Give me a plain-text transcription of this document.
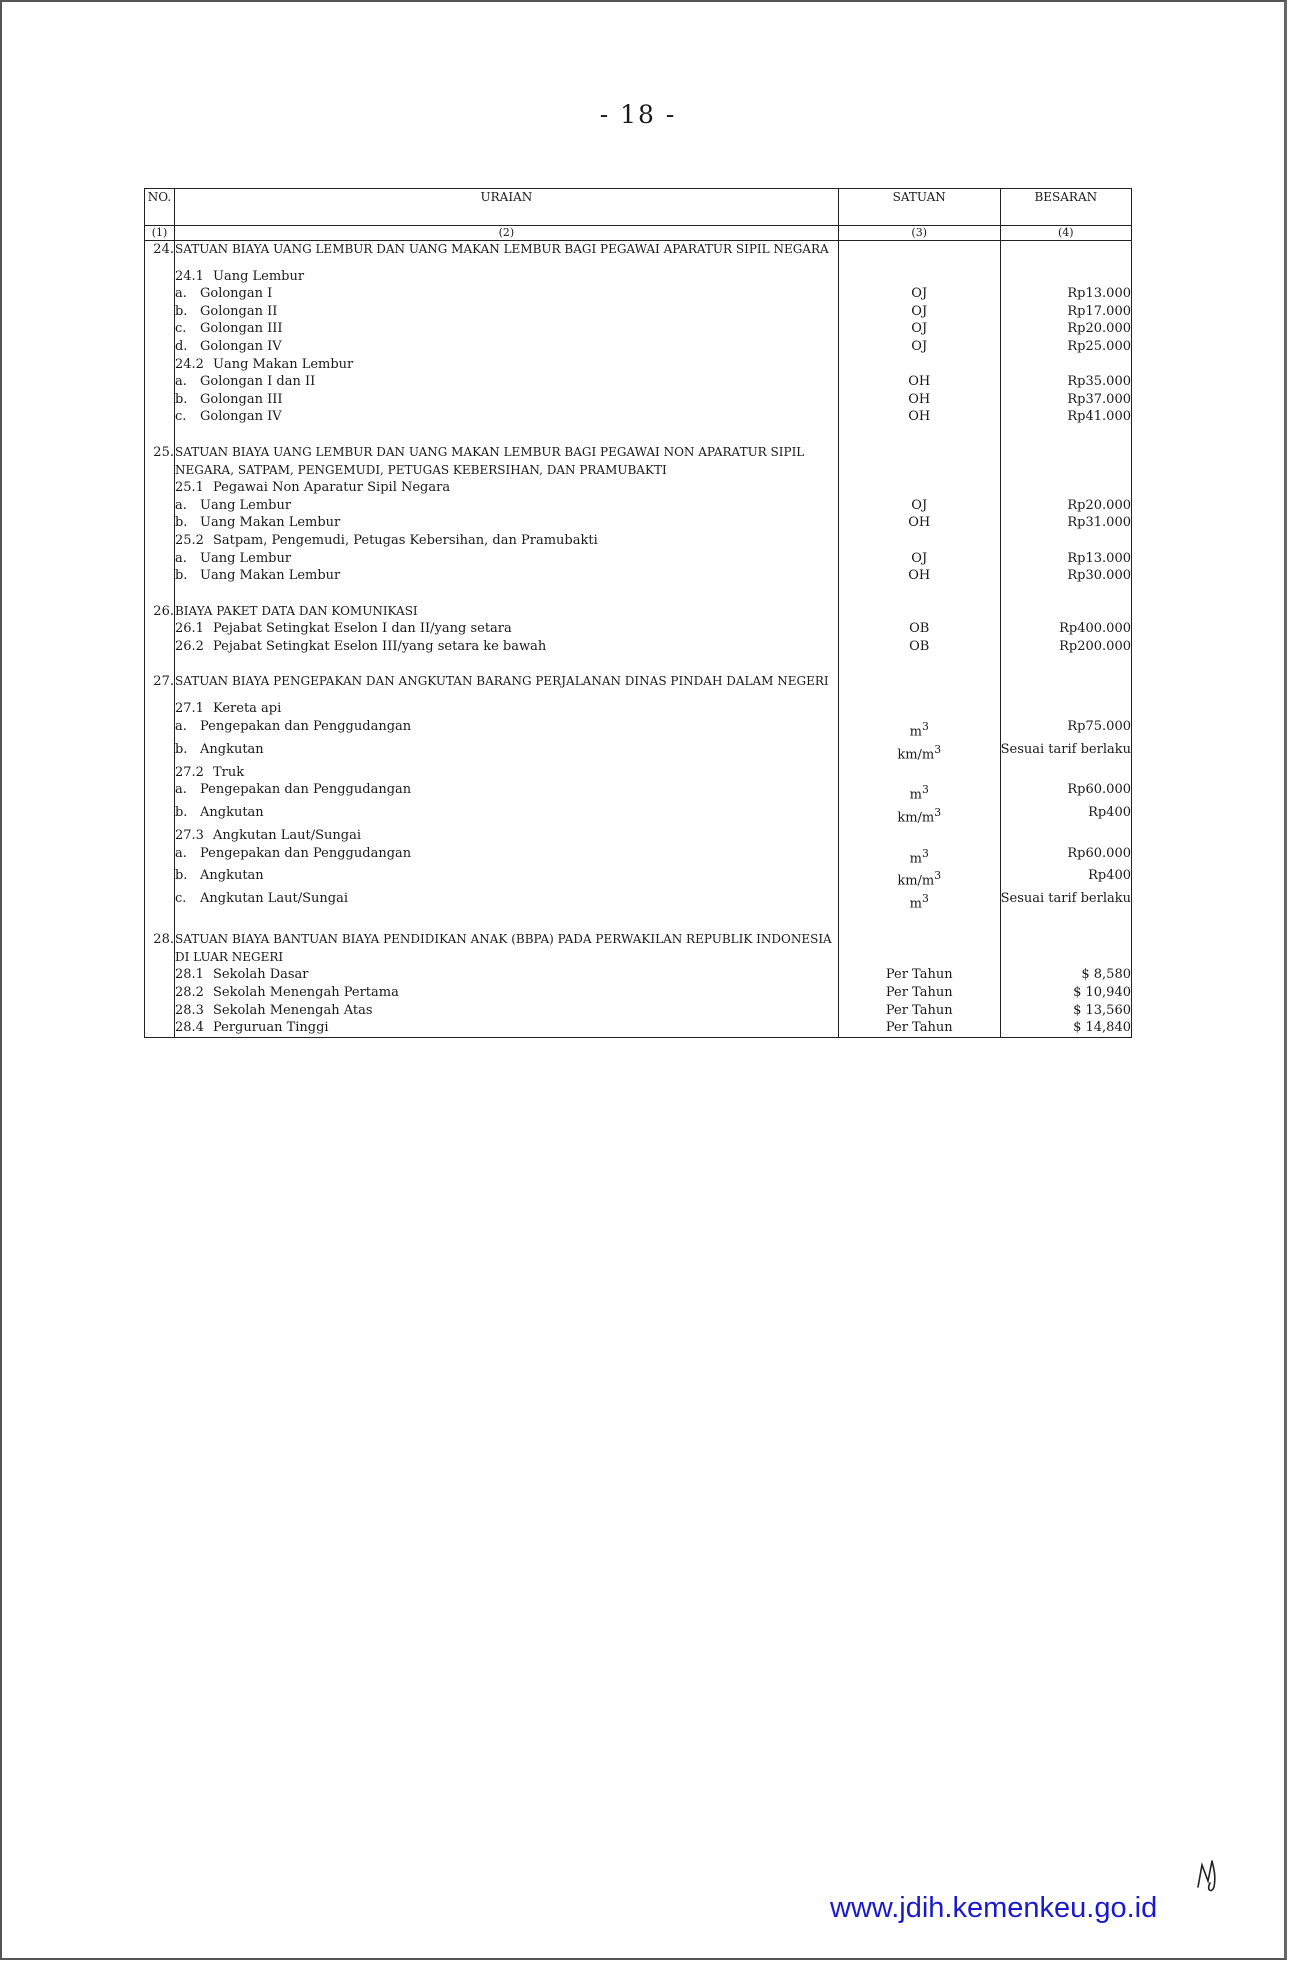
- 18 -
NO.	URAIAN	SATUAN	BESARAN
(1)	(2)	(3)	(4)
24.	SATUAN BIAYA UANG LEMBUR DAN UANG MAKAN LEMBUR BAGI PEGAWAI APARATUR SIPIL NEGARA		

	24.1 Uang Lembur		
	a. Golongan I	OJ	Rp13.000
	b. Golongan II	OJ	Rp17.000
	c. Golongan III	OJ	Rp20.000
	d. Golongan IV	OJ	Rp25.000
	24.2 Uang Makan Lembur		
	a. Golongan I dan II	OH	Rp35.000
	b. Golongan III	OH	Rp37.000
	c. Golongan IV	OH	Rp41.000

25.	SATUAN BIAYA UANG LEMBUR DAN UANG MAKAN LEMBUR BAGI PEGAWAI NON APARATUR SIPIL
NEGARA, SATPAM, PENGEMUDI, PETUGAS KEBERSIHAN, DAN PRAMUBAKTI		

	25.1 Pegawai Non Aparatur Sipil Negara		
	a. Uang Lembur	OJ	Rp20.000
	b. Uang Makan Lembur	OH	Rp31.000
	25.2 Satpam, Pengemudi, Petugas Kebersihan, dan Pramubakti		
	a. Uang Lembur	OJ	Rp13.000
	b. Uang Makan Lembur	OH	Rp30.000

26.	BIAYA PAKET DATA DAN KOMUNIKASI		
	26.1 Pejabat Setingkat Eselon I dan II/yang setara	OB	Rp400.000
	26.2 Pejabat Setingkat Eselon III/yang setara ke bawah	OB	Rp200.000

27.	SATUAN BIAYA PENGEPAKAN DAN ANGKUTAN BARANG PERJALANAN DINAS PINDAH DALAM NEGERI		

	27.1 Kereta api		
	a. Pengepakan dan Penggudangan	$m^3$	Rp75.000
	b. Angkutan	$km/m^3$	Sesuai tarif berlaku
	27.2 Truk		
	a. Pengepakan dan Penggudangan	$m^3$	Rp60.000
	b. Angkutan	$km/m^3$	Rp400
	27.3 Angkutan Laut/Sungai		
	a. Pengepakan dan Penggudangan	$m^3$	Rp60.000
	b. Angkutan	$km/m^3$	Rp400
	c. Angkutan Laut/Sungai	$m^3$	Sesuai tarif berlaku

28.	SATUAN BIAYA BANTUAN BIAYA PENDIDIKAN ANAK (BBPA) PADA PERWAKILAN REPUBLIK INDONESIA
DI LUAR NEGERI		

	28.1 Sekolah Dasar	Per Tahun	$ 8,580
	28.2 Sekolah Menengah Pertama	Per Tahun	$ 10,940
	28.3 Sekolah Menengah Atas	Per Tahun	$ 13,560
	28.4 Perguruan Tinggi	Per Tahun	$ 14,840
www.jdih.kemenkeu.go.id
